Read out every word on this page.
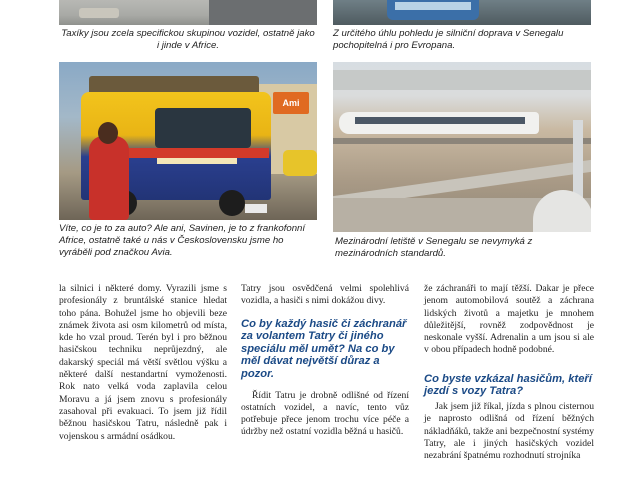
Taxíky jsou zcela specifickou skupinou vozidel, ostatně jako i jinde v Africe.
Z určitého úhlu pohledu je silniční doprava v Senegalu pochopitelná i pro Evropana.
Ami
Víte, co je to za auto? Ale ani, Savinen, je to z frankofonní Africe, ostatně také u nás v Československu jsme ho vyráběli pod značkou Avia.
Mezinárodní letiště v Senegalu se nevymyká z mezinárodních standardů.

la silnici i některé domy. Vyrazili jsme s profesionály z bruntálské stanice hledat toho pána. Bohužel jsme ho objevili beze známek života asi osm kilometrů od místa, kde ho vzal proud. Terén byl i pro běžnou hasičskou techniku neprůjezdný, ale dakarský speciál má větší světlou výšku a některé další nestandartní vymoženosti. Rok nato velká voda zaplavila celou Moravu a já jsem znovu s profesionály zasahoval při evakuaci. To jsem již řídil běžnou hasičskou Tatru, následně pak i vojenskou s armádní osádkou.

Tatry jsou osvědčená velmi spolehlivá vozidla, a hasiči s nimi dokážou divy.

Co by každý hasič či záchranář za volantem Tatry či jiného speciálu měl umět? Na co by měl dávat největší důraz a pozor.

Řídit Tatru je drobně odlišné od řízení ostatních vozidel, a navíc, tento vůz potřebuje přece jenom trochu více péče a údržby než ostatní vozidla běžná u hasičů.

že záchranáři to mají těžší. Dakar je přece jenom automobilová soutěž a záchrana lidských životů a majetku je mnohem důležitější, rovněž zodpovědnost je neskonale vyšší. Adrenalin a um jsou si ale v obou případech hodně podobné.

Co byste vzkázal hasičům, kteří jezdí s vozy Tatra?

Jak jsem již říkal, jízda s plnou cisternou je naprosto odlišná od řízení běžných nákladňáků, takže ani bezpečnostní systémy Tatry, ale i jiných hasičských vozidel nezabrání špatnému rozhodnutí strojníka
